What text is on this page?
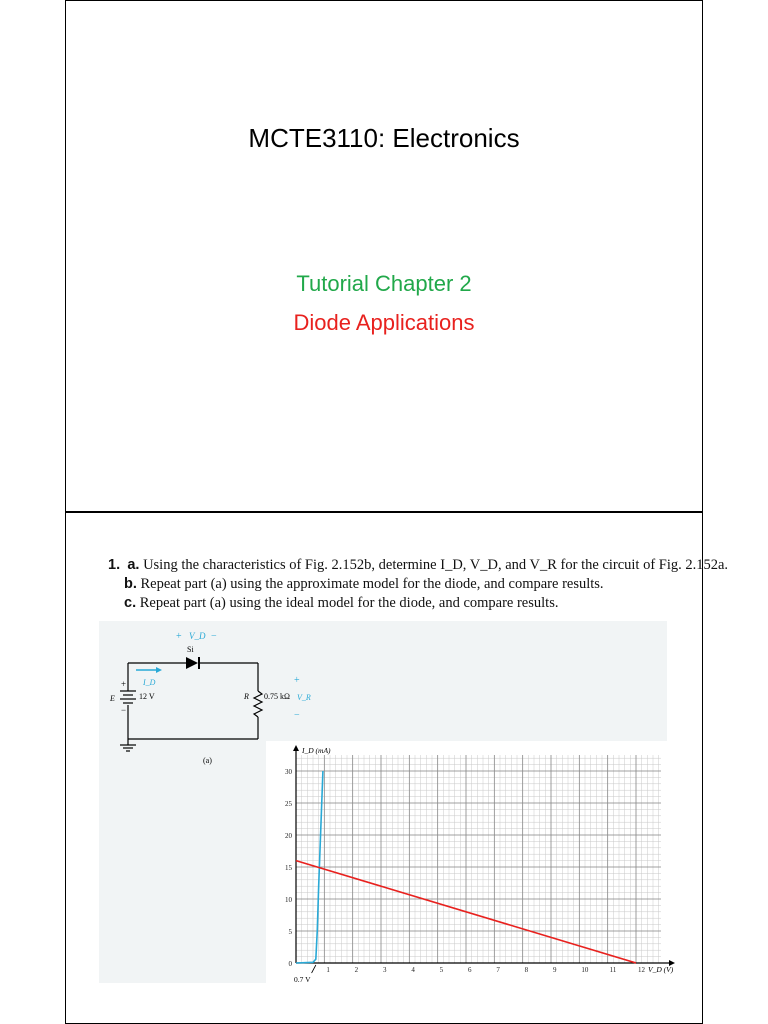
MCTE3110: Electronics
Tutorial Chapter 2
Diode Applications
1. a. Using the characteristics of Fig. 2.152b, determine I_D, V_D, and V_R for the circuit of Fig. 2.152a.
b. Repeat part (a) using the approximate model for the diode, and compare results.
c. Repeat part (a) using the ideal model for the diode, and compare results.
+ V_D −
Si
I_D
+
E	12 V
−
R 0.75 kΩ V_R
+
−
(a)
1	2	3	4	5	6	7	8	9	10	11	12
0
5
10
15
20
25
30
I_D (mA)
V_D (V)
0.7 V
